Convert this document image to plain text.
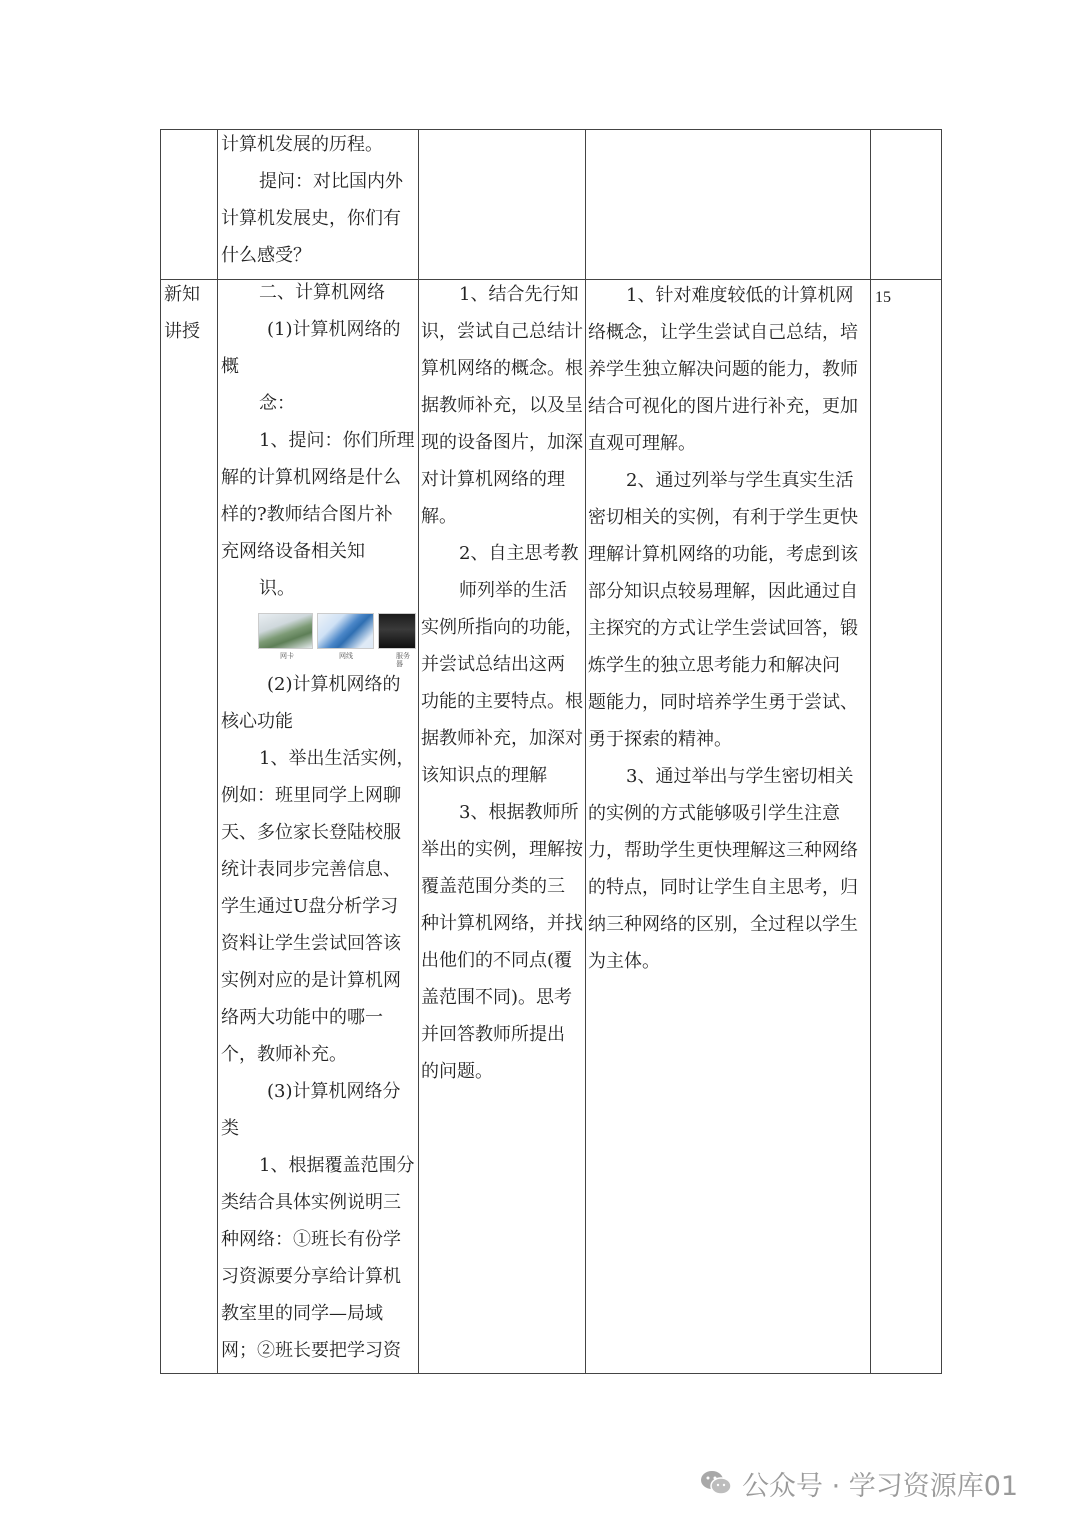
计算机发展的历程。

提问：对比国内外

计算机发展史，你们有

什么感受？

新知

讲授

二、计算机网络

(1)计算机网络的

概

念：

1、提问：你们所理

解的计算机网络是什么

样的?教师结合图片补

充网络设备相关知

识。

网卡	网线	服务器

(2)计算机网络的

核心功能

1、举出生活实例，

例如：班里同学上网聊

天、多位家长登陆校服

统计表同步完善信息、

学生通过U盘分析学习

资料让学生尝试回答该

实例对应的是计算机网

络两大功能中的哪一

个，教师补充。

(3)计算机网络分

类

1、根据覆盖范围分

类结合具体实例说明三

种网络：①班长有份学

习资源要分享给计算机

教室里的同学—局域

网；②班长要把学习资

1、结合先行知

识，尝试自己总结计

算机网络的概念。根

据教师补充，以及呈

现的设备图片，加深

对计算机网络的理

解。

2、自主思考教

师列举的生活

实例所指向的功能，

并尝试总结出这两

功能的主要特点。根

据教师补充，加深对

该知识点的理解

3、根据教师所

举出的实例，理解按

覆盖范围分类的三

种计算机网络，并找

出他们的不同点(覆

盖范围不同)。思考

并回答教师所提出

的问题。

1、针对难度较低的计算机网

络概念，让学生尝试自己总结，培

养学生独立解决问题的能力，教师

结合可视化的图片进行补充，更加

直观可理解。

2、通过列举与学生真实生活

密切相关的实例，有利于学生更快

理解计算机网络的功能，考虑到该

部分知识点较易理解，因此通过自

主探究的方式让学生尝试回答，锻

炼学生的独立思考能力和解决问

题能力，同时培养学生勇于尝试、

勇于探索的精神。

3、通过举出与学生密切相关

的实例的方式能够吸引学生注意

力，帮助学生更快理解这三种网络

的特点，同时让学生自主思考，归

纳三种网络的区别，全过程以学生

为主体。

15

公众号 · 学习资源库01
